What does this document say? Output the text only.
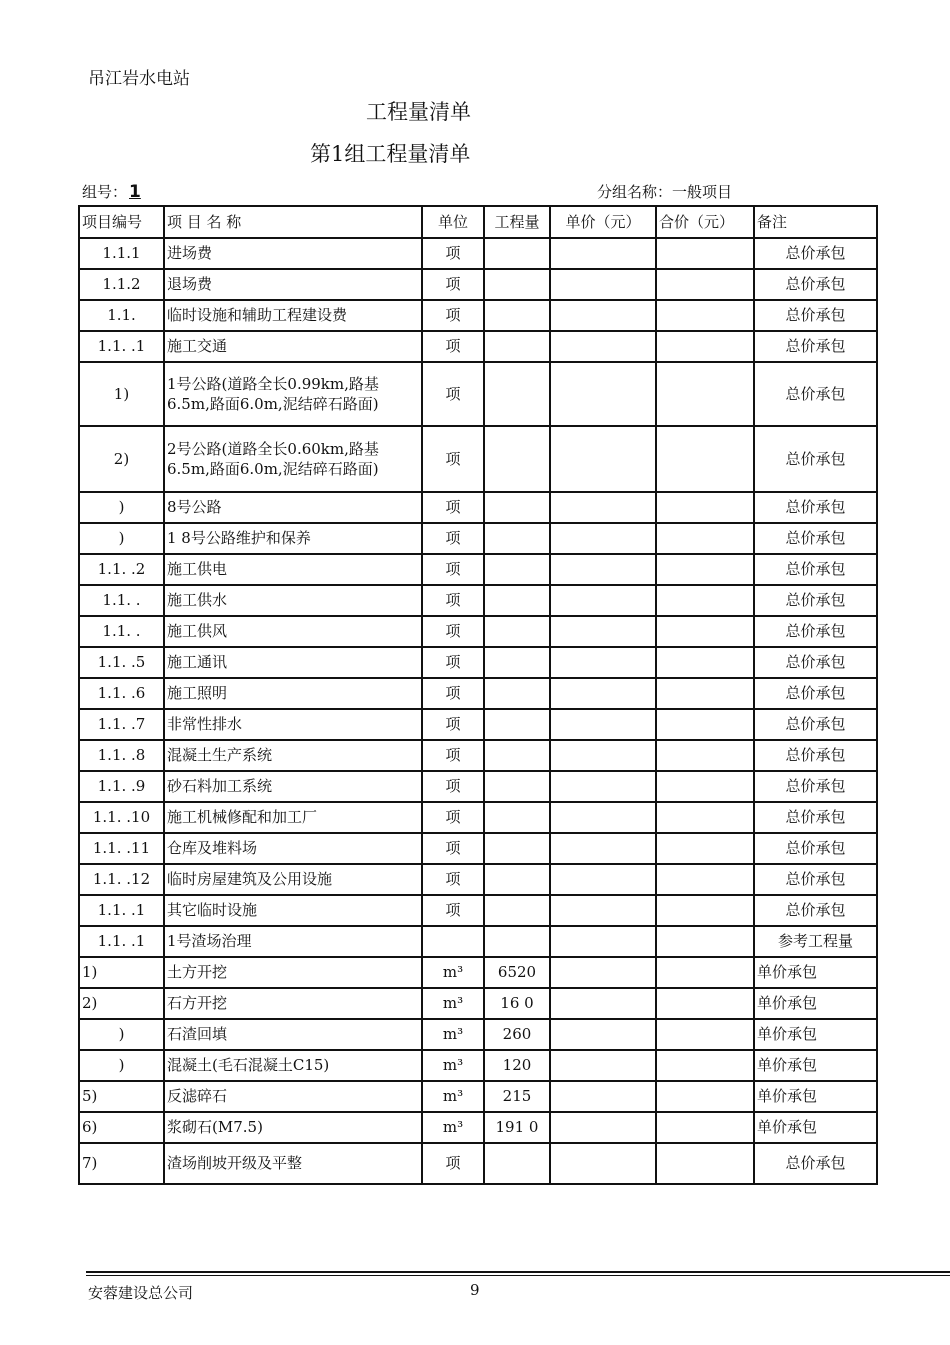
吊江岩水电站
工程量清单
第1组工程量清单
组号： 1	分组名称：一般项目
项目编号	项 目 名 称	单位	工程量	单价（元）	合价（元）	备注
1.1.1	进场费	项				总价承包
1.1.2	退场费	项				总价承包
1.1.	临时设施和辅助工程建设费	项				总价承包
1.1. .1	施工交通	项				总价承包
1)	1号公路(道路全长0.99km,路基6.5m,路面6.0m,泥结碎石路面)	项				总价承包
2)	2号公路(道路全长0.60km,路基6.5m,路面6.0m,泥结碎石路面)	项				总价承包
)	8号公路	项				总价承包
)	1 8号公路维护和保养	项				总价承包
1.1. .2	施工供电	项				总价承包
1.1. .	施工供水	项				总价承包
1.1. .	施工供风	项				总价承包
1.1. .5	施工通讯	项				总价承包
1.1. .6	施工照明	项				总价承包
1.1. .7	非常性排水	项				总价承包
1.1. .8	混凝土生产系统	项				总价承包
1.1. .9	砂石料加工系统	项				总价承包
1.1. .10	施工机械修配和加工厂	项				总价承包
1.1. .11	仓库及堆料场	项				总价承包
1.1. .12	临时房屋建筑及公用设施	项				总价承包
1.1. .1	其它临时设施	项				总价承包
1.1. .1	1号渣场治理					参考工程量
1)	土方开挖	m³	6520			单价承包
2)	石方开挖	m³	16 0			单价承包
)	石渣回填	m³	260			单价承包
)	混凝土(毛石混凝土C15)	m³	120			单价承包
5)	反滤碎石	m³	215			单价承包
6)	浆砌石(M7.5)	m³	191 0			单价承包
7)	渣场削坡开级及平整	项				总价承包
安蓉建设总公司	9
